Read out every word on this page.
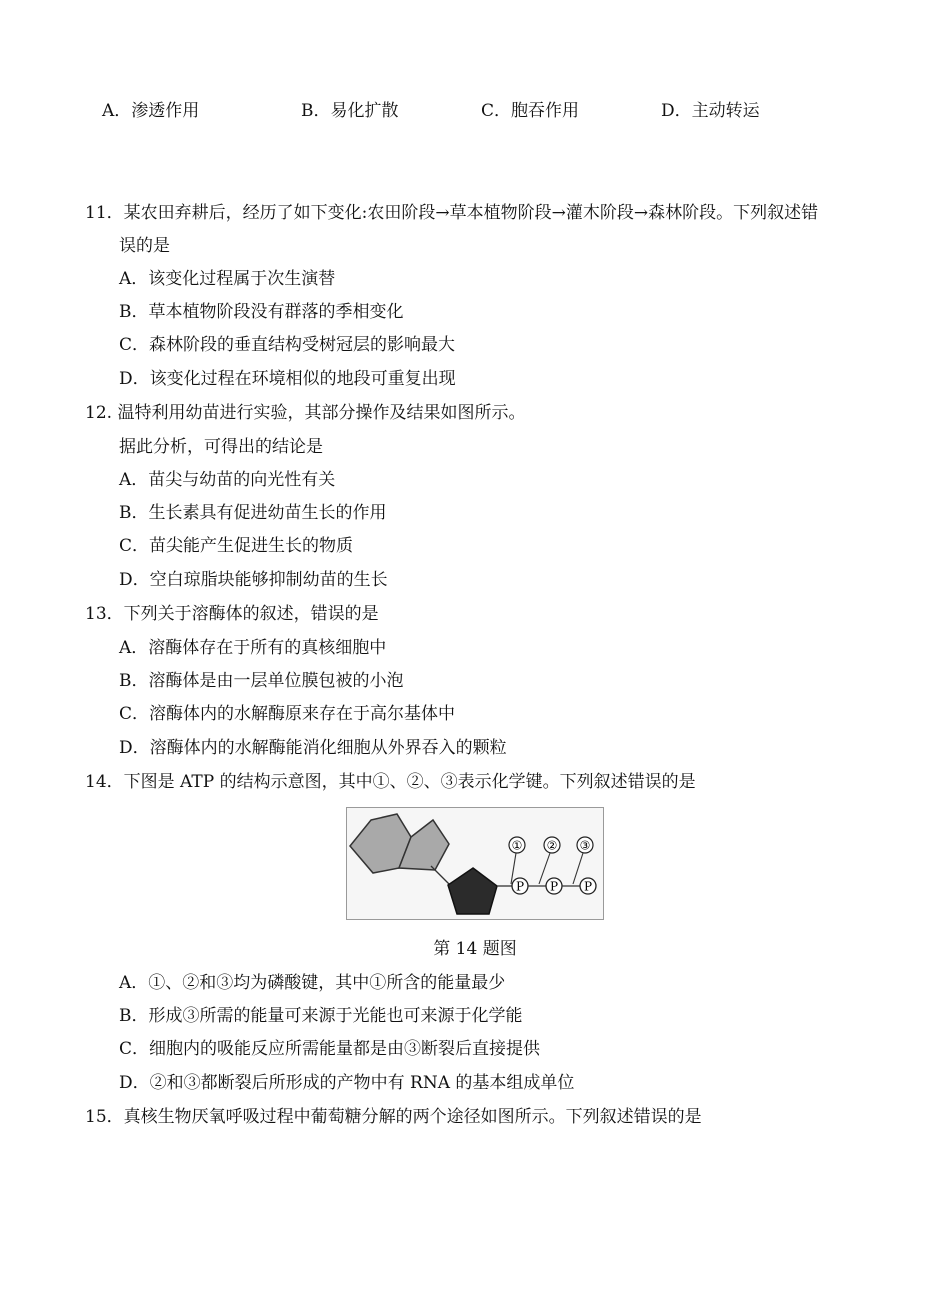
A．渗透作用	B．易化扩散	C．胞吞作用	D．主动转运
11．某农田弃耕后，经历了如下变化:农田阶段→草本植物阶段→灌木阶段→森林阶段。下列叙述错
误的是
A．该变化过程属于次生演替
B．草本植物阶段没有群落的季相变化
C．森林阶段的垂直结构受树冠层的影响最大
D．该变化过程在环境相似的地段可重复出现
12. 温特利用幼苗进行实验，其部分操作及结果如图所示。
据此分析，可得出的结论是
A．苗尖与幼苗的向光性有关
B．生长素具有促进幼苗生长的作用
C．苗尖能产生促进生长的物质
D．空白琼脂块能够抑制幼苗的生长
13．下列关于溶酶体的叙述，错误的是
A．溶酶体存在于所有的真核细胞中
B．溶酶体是由一层单位膜包被的小泡
C．溶酶体内的水解酶原来存在于高尔基体中
D．溶酶体内的水解酶能消化细胞从外界吞入的颗粒
14．下图是 ATP 的结构示意图，其中①、②、③表示化学键。下列叙述错误的是
P P P
① ② ③
第 14 题图
A．①、②和③均为磷酸键，其中①所含的能量最少
B．形成③所需的能量可来源于光能也可来源于化学能
C．细胞内的吸能反应所需能量都是由③断裂后直接提供
D．②和③都断裂后所形成的产物中有 RNA 的基本组成单位
15．真核生物厌氧呼吸过程中葡萄糖分解的两个途径如图所示。下列叙述错误的是
